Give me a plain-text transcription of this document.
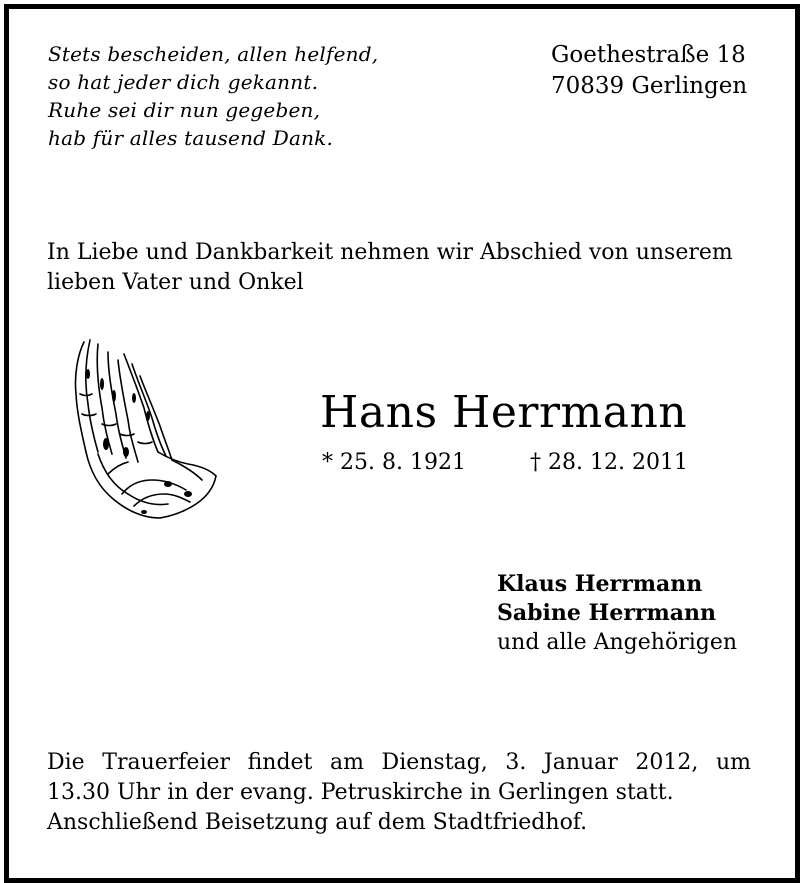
Stets bescheiden, allen helfend,
so hat jeder dich gekannt.
Ruhe sei dir nun gegeben,
hab für alles tausend Dank.
Goethestraße 18
70839 Gerlingen
In Liebe und Dankbarkeit nehmen wir Abschied von unserem
lieben Vater und Onkel
Hans Herrmann
* 25. 8. 1921	† 28. 12. 2011
Klaus Herrmann
Sabine Herrmann
und alle Angehörigen
Die Trauerfeier findet am Dienstag, 3. Januar 2012, um
13.30 Uhr in der evang. Petruskirche in Gerlingen statt.
Anschließend Beisetzung auf dem Stadtfriedhof.
